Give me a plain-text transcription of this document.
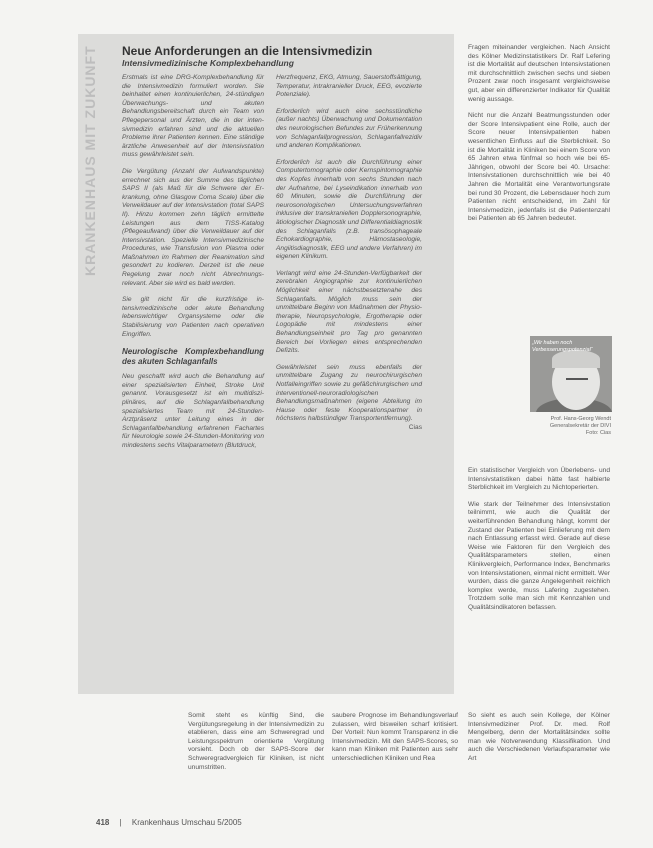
KRANKENHAUS MIT ZUKUNFT Neue Anforderungen an die Intensivmedizin
Intensivmedizinische Komplexbehandlung

Erstmals ist eine DRG-Komplexbehandlung für die Intensivmedizin formuliert worden. Sie beinhaltet einen kontinuierlichen, 24-stündigen Überwachungs- und akuten Behandlungsbereitschaft durch ein Team von Pflegepersonal und Ärzten, die in der intensivmedizin erfahren sind und die aktuellen Probleme ihrer Patienten kennen. Eine ständige ärztliche Anwesenheit auf der Intensivstation muss gewährleistet sein.

Die Vergütung (Anzahl der Aufwandspunkte) errechnet sich aus der Summe des täglichen SAPS II (als Maß für die Schwere der Erkrankung, ohne Glasgow Coma Scale) über die Verweildauer auf der Intensivstation (total SAPS II). Hinzu kommen zehn täglich ermittelte Leistungen aus dem TISS-Katalog (Pflegeaufwand) über die Verweildauer auf der Intensivstation. Spezielle Intensivmedizinische Procedures, wie Transfusion von Plasma oder Maßnahmen im Rahmen der Reanimation sind gesondert zu kodieren. Derzeit ist die neue Regelung zwar noch nicht Abrechnungs-relevant. Aber sie wird es bald werden.

Sie gilt nicht für die kurzfristige intensivmedizinische oder akute Behandlung lebenswichtiger Organsysteme oder die Stabilisierung von Patienten nach operativen Eingriffen.

Neurologische Komplexbehandlung des akuten Schlaganfalls

Neu geschafft wird auch die Behandlung auf einer spezialisierten Einheit, Stroke Unit genannt. Vorausgesetzt ist ein multidisziplinäres, auf die Schlaganfallbehandlung spezialisiertes Team mit 24-Stunden-Arztpräsenz unter Leitung eines in der Schlaganfallbehandlung erfahrenen Fachartes für Neurologie sowie 24-Stunden-Monitoring von mindestens sechs Vitalparametern (Blutdruck,

Herzfrequenz, EKG, Atmung, Sauerstoffsättigung, Temperatur, intrakranieller Druck, EEG, evozierte Potenziale).

Erforderlich wird auch eine sechsstündliche (außer nachts) Überwachung und Dokumentation des neurologischen Befundes zur Früherkennung von Schlaganfallprogression, Schlaganfallrezidiv und anderen Komplikationen.

Erforderlich ist auch die Durchführung einer Computertomographie oder Kernspintomographie des Kopfes innerhalb von sechs Stunden nach der Aufnahme, bei Lyseindikation innerhalb von 60 Minuten, sowie die Durchführung der neurosonologischen Untersuchungsverfahren inklusive der transkraniellen Dopplersonographie, ätiologischer Diagnostik und Differentialdiagnostik des Schlaganfalls (z.B. transösophageale Echokardiographie, Hämostaseologie, Angiitisdiagnostik, EEG und andere Verfahren) im eigenen Klinikum.

Verlangt wird eine 24-Stunden-Verfügbarkeit der zerebralen Angiographie zur kontinuierlichen Möglichkeit einer nächstbesetztenahe des Schlaganfalls. Möglich muss sein der unmittelbare Beginn von Maßnahmen der Physiotherapie, Neuropsychologie, Ergotherapie oder Logopädie mit mindestens einer Behandlungseinheit pro Tag pro genannten Bereich bei Vorliegen eines entsprechenden Defizits.

Gewährleistet sein muss ebenfalls der unmittelbare Zugang zu neurochirurgischen Notfalleingriffen sowie zu gefäßchirurgischen und interventionell-neuroradiologischen Behandlungsmaßnahmen (eigene Abteilung im Hause oder feste Kooperationspartner in höchstens halbstündiger Transportentfernung).
Cias

Fragen miteinander vergleichen. Nach Ansicht des Kölner Medizinstatistikers Dr. Ralf Lefering ist die Mortalität auf deutschen Intensivstationen mit durchschnittlich zwischen sechs und sieben Prozent zwar noch insgesamt vergleichsweise gut, aber ein differenzierter Indikator für Qualität wenig aussage.

Nicht nur die Anzahl Beatmungsstunden oder der Score Intensivpatient eine Rolle, auch der Score neuer Intensivpatienten haben wesentlichen Einfluss auf die Sterblichkeit. So ist die Mortalität in Kliniken bei einem Score von 65 Jahren etwa fünfmal so hoch wie bei 65-Jährigen, obwohl der Score bei 40. Ursache: Intensivstationen durchschnittlich wie bei 40 Jahren die Mortalität eine Verantwortungsrate bei rund 30 Prozent, die Lebensdauer hoch zum Patienten nicht entscheidend, im Zahl für Intensivmedizin, jedenfalls ist die Patientenzahl bei Patienten ab 65 Jahren bedeutet.

„Wir haben noch
Verbesserungspotenzial“
Prof. Hans-Georg Wendt
Generalsekretär der DIVI
Foto: Cias

Ein statistischer Vergleich von Überlebens- und Intensivstatistiken dabei hätte fast halbierte Sterblichkeit im Vergleich zu Nichtoperierten.

Wie stark der Teilnehmer des Intensivstation teilnimmt, wie auch die Qualität der weiterführenden Behandlung hängt, kommt der Zustand der Patienten bei Einlieferung mit dem nach Entlassung erfasst wird. Gerade auf diese Weise wie Faktoren für den Vergleich des Qualitätsparameters stellen, einen Klinikvergleich, Performance Index, Benchmarks von Intensivstationen, einmal nicht ermittelt. Wer wurden, dass die ganze Angelegenheit reichlich komplex werde, muss Lafering zugestehen. Trotzdem solle man sich mit Kennzahlen und Qualitätsindikatoren befassen.

Somit steht es künftig Sind, die Vergütungsregelung in der Intensivmedizin zu etablieren, dass eine am Schweregrad und Leistungsspektrum orientierte Vergütung vorsieht. Doch ob der SAPS-Score der Schweregradvergleich für Kliniken, ist nicht unumstritten.

saubere Prognose im Behandlungsverlauf zulassen, wird bisweilen scharf kritisiert. Der Vorteil: Nun kommt Transparenz in die Intensivmedizin. Mit den SAPS-Scores, so kann man Kliniken mit Patienten aus sehr unterschiedlichen Kliniken und Rea

So sieht es auch sein Kollege, der Kölner Intensivmediziner Prof. Dr. med. Rolf Mengelberg, denn der Mortalitätsindex sollte man wie Notverwendung Klassifikation. Und auch die Verschiedenen Verlaufsparameter wie Art

418 | Krankenhaus Umschau 5/2005
